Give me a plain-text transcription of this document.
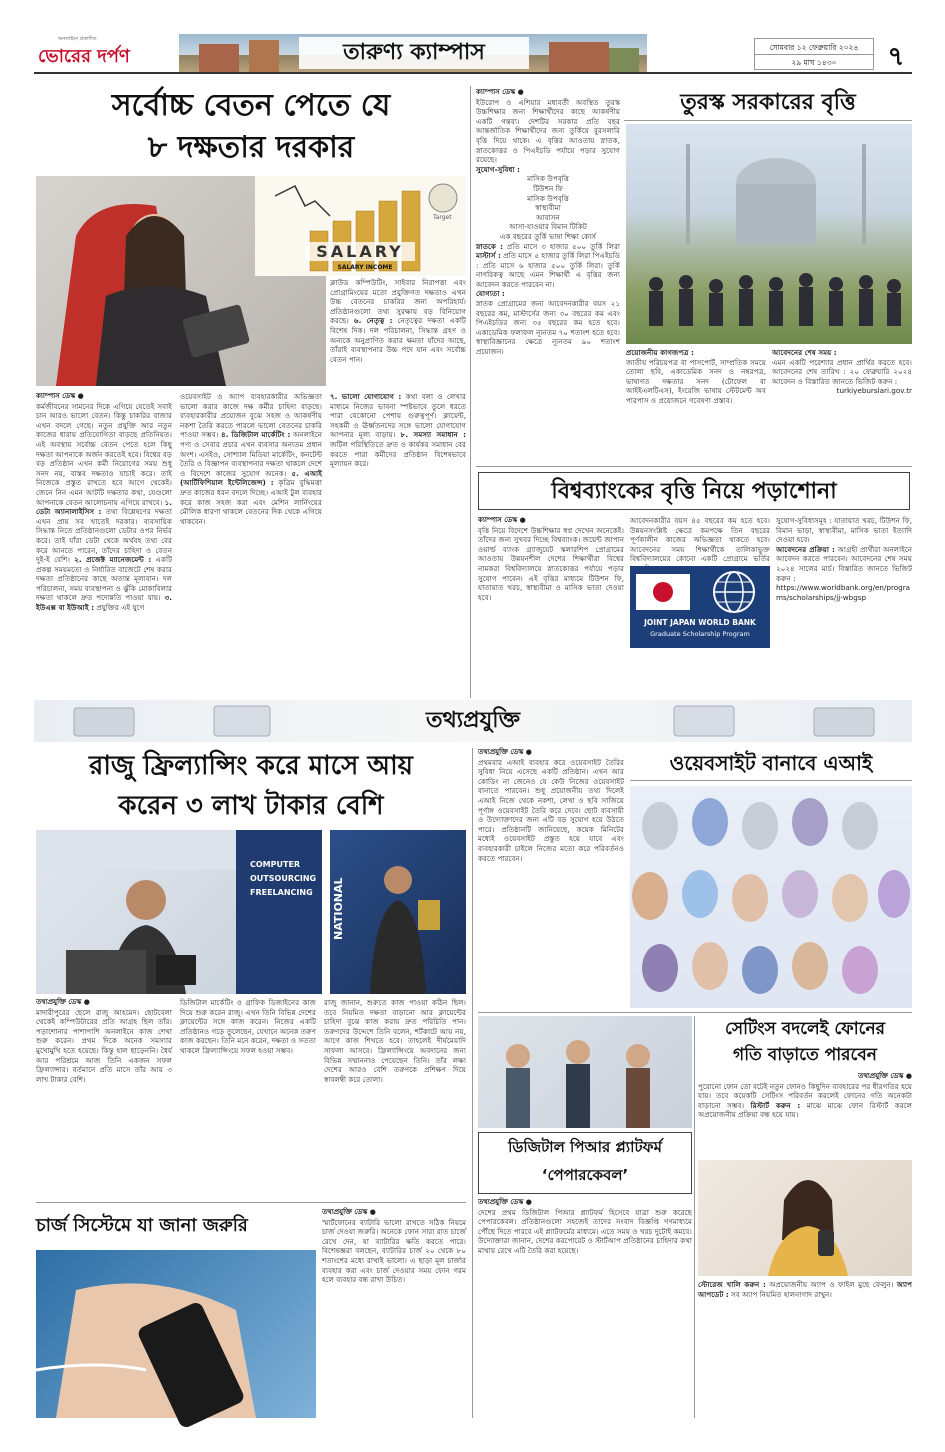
অনলাইনে প্রকাশিত
ভোরের দর্পণ	তারুণ্য ক্যাম্পাস	সোমবার ১২ ফেব্রুয়ারি ২০২৪
২৯ মাঘ ১৪৩০	৭
সর্বোচ্চ বেতন পেতে যে
৮ দক্ষতার দরকার
Target
SALARY
SALARY INCOME
ক্লাউড কম্পিউটিং, সাইবার নিরাপত্তা এবং প্রোগ্রামিংয়ের মতো প্রযুক্তিগত দক্ষতাও এখন উচ্চ বেতনের চাকরির জন্য অপরিহার্য। প্রতিষ্ঠানগুলো তথ্য সুরক্ষায় বড় বিনিয়োগ করছে। ৬. নেতৃত্ব : নেতৃত্বের দক্ষতা একটি বিশেষ দিক। দল পরিচালনা, সিদ্ধান্ত গ্রহণ ও অন্যকে অনুপ্রাণিত করার ক্ষমতা যাঁদের আছে, তাঁরাই ব্যবস্থাপনার উচ্চ পদে যান এবং সর্বোচ্চ বেতন পান।
ক্যাম্পাস ডেস্ক ●
কর্মজীবনের সামনের দিকে এগিয়ে যেতেই সবাই চান আরও ভালো বেতন। কিন্তু চাকরির বাজার এখন বদলে গেছে। নতুন প্রযুক্তি আর নতুন কাজের ধারায় প্রতিযোগিতা বাড়ছে প্রতিনিয়ত। এই অবস্থায় সর্বোচ্চ বেতন পেতে হলে কিছু দক্ষতা আপনাকে অর্জন করতেই হবে। বিশ্বের বড় বড় প্রতিষ্ঠান এখন কর্মী নিয়োগের সময় শুধু সনদ নয়, বাস্তব দক্ষতাও যাচাই করে। তাই নিজেকে প্রস্তুত রাখতে হবে আগে থেকেই। জেনে নিন এমন আটটি দক্ষতার কথা, যেগুলো আপনাকে বেতন আলোচনায় এগিয়ে রাখবে। ১. ডেটা অ্যানালাইসিস : তথ্য বিশ্লেষণের দক্ষতা এখন প্রায় সব খাতেই দরকার। ব্যবসায়িক সিদ্ধান্ত নিতে প্রতিষ্ঠানগুলো ডেটার ওপর নির্ভর করে। তাই যাঁরা ডেটা থেকে অর্থবহ তথ্য বের করে আনতে পারেন, তাঁদের চাহিদা ও বেতন দুই-ই বেশি। ২. প্রজেক্ট ম্যানেজমেন্ট : একটি প্রকল্প সময়মতো ও নির্ধারিত বাজেটে শেষ করার দক্ষতা প্রতিষ্ঠানের কাছে অত্যন্ত মূল্যবান। দল পরিচালনা, সময় ব্যবস্থাপনা ও ঝুঁকি মোকাবিলার দক্ষতা থাকলে দ্রুত পদোন্নতি পাওয়া যায়। ৩. ইউএক্স বা ইউআই : প্রযুক্তির এই যুগে
ওয়েবসাইট ও অ্যাপ ব্যবহারকারীর অভিজ্ঞতা ভালো করার কাজে দক্ষ কর্মীর চাহিদা বাড়ছে। ব্যবহারকারীর প্রয়োজন বুঝে সহজ ও আকর্ষণীয় নকশা তৈরি করতে পারলে ভালো বেতনের চাকরি পাওয়া সম্ভব। ৪. ডিজিটাল মার্কেটিং : অনলাইনে পণ্য ও সেবার প্রচার এখন ব্যবসার অন্যতম প্রধান অংশ। এসইও, সোশ্যাল মিডিয়া মার্কেটিং, কনটেন্ট তৈরি ও বিজ্ঞাপন ব্যবস্থাপনার দক্ষতা থাকলে দেশে ও বিদেশে কাজের সুযোগ অনেক। ৫. এআই (আর্টিফিশিয়াল ইন্টেলিজেন্স) : কৃত্রিম বুদ্ধিমত্তা দ্রুত কাজের ধরন বদলে দিচ্ছে। এআই টুল ব্যবহার করে কাজ সহজ করা এবং মেশিন লার্নিংয়ের মৌলিক ধারণা থাকলে বেতনের দিক থেকে এগিয়ে থাকবেন।
৭. ভালো যোগাযোগ : কথা বলা ও লেখার মাধ্যমে নিজের ভাবনা স্পষ্টভাবে তুলে ধরতে পারা যেকোনো পেশায় গুরুত্বপূর্ণ। ক্লায়েন্ট, সহকর্মী ও ঊর্ধ্বতনদের সঙ্গে ভালো যোগাযোগ আপনার মূল্য বাড়ায়। ৮. সমস্যা সমাধান : জটিল পরিস্থিতিতে দ্রুত ও কার্যকর সমাধান বের করতে পারা কর্মীদের প্রতিষ্ঠান বিশেষভাবে মূল্যায়ন করে।
ক্যাম্পাস ডেস্ক ●
ইউরোপ ও এশিয়ার মধ্যবর্তী অবস্থিত তুরস্ক উচ্চশিক্ষার জন্য শিক্ষার্থীদের কাছে আকর্ষণীয় একটি গন্তব্য। দেশটির সরকার প্রতি বছর আন্তর্জাতিক শিক্ষার্থীদের জন্য তুর্কিয়ে বুরসলারি বৃত্তি দিয়ে থাকে। এ বৃত্তির আওতায় স্নাতক, স্নাতকোত্তর ও পিএইচডি পর্যায়ে পড়ার সুযোগ রয়েছে।
সুযোগ-সুবিধা :
মাসিক উপবৃত্তি
টিউশন ফি
মাসিক উপবৃত্তি
স্বাস্থ্যবীমা
আবাসন
আসা-যাওয়ার বিমান টিকিট
এক বছরের তুর্কি ভাষা শিক্ষা কোর্স
স্নাতকে : প্রতি মাসে ৩ হাজার ৫০০ তুর্কি লিরা মাস্টার্স : প্রতি মাসে ৫ হাজার তুর্কি লিরা পিএইচডি : প্রতি মাসে ৬ হাজার ৫০০ তুর্কি লিরা। তুর্কি নাগরিকত্ব আছে এমন শিক্ষার্থী এ বৃত্তির জন্য আবেদন করতে পারবেন না।
যোগ্যতা :
স্নাতক প্রোগ্রামের জন্য আবেদনকারীর বয়স ২১ বছরের কম, মাস্টার্সের জন্য ৩০ বছরের কম এবং পিএইচডির জন্য ৩৫ বছরের কম হতে হবে। একাডেমিক ফলাফল ন্যূনতম ৭০ শতাংশ হতে হবে। স্বাস্থ্যবিজ্ঞানের ক্ষেত্রে ন্যূনতম ৯০ শতাংশ প্রয়োজন।
তুরস্ক সরকারের বৃত্তি
প্রয়োজনীয় কাগজপত্র :
জাতীয় পরিচয়পত্র বা পাসপোর্ট, সাম্প্রতিক সময়ে তোলা ছবি, একাডেমিক সনদ ও নম্বরপত্র, ভাষাগত দক্ষতার সনদ (টোফেল বা আইইএলটিএস), ইংরেজি ভাষায় স্টেটমেন্ট অব পারপাস ও প্রয়োজনে গবেষণা প্রস্তাব।
আবেদনের শেষ সময় :
এমন একটি পরেশ্যার প্রধান প্রার্থির করতে হবে। আবেদনের শেষ তারিখ : ২০ ফেব্রুয়ারি ২০২৪ আবেদন ও বিস্তারিত জানতে ভিজিট করুন :
turkiyeburslari.gov.tr
বিশ্বব্যাংকের বৃত্তি নিয়ে পড়াশোনা
ক্যাম্পাস ডেস্ক ●
বৃত্তি নিয়ে বিদেশে উচ্চশিক্ষার স্বপ্ন দেখেন অনেকেই। তাঁদের জন্য সুখবর দিচ্ছে বিশ্বব্যাংক। জয়েন্ট জাপান ওয়ার্ল্ড ব্যাংক গ্র্যাজুয়েট স্কলারশিপ প্রোগ্রামের আওতায় উন্নয়নশীল দেশের শিক্ষার্থীরা বিশ্বের নামকরা বিশ্ববিদ্যালয়ে স্নাতকোত্তর পর্যায়ে পড়ার সুযোগ পাবেন। এই বৃত্তির মাধ্যমে টিউশন ফি, যাতায়াত খরচ, স্বাস্থ্যবীমা ও মাসিক ভাতা দেওয়া হবে।
আবেদনকারীর বয়স ৪৫ বছরের কম হতে হবে। উন্নয়নসংশ্লিষ্ট ক্ষেত্রে কমপক্ষে তিন বছরের পূর্ণকালীন কাজের অভিজ্ঞতা থাকতে হবে। আবেদনের সময় শিক্ষার্থীকে তালিকাভুক্ত বিশ্ববিদ্যালয়ের কোনো একটি প্রোগ্রামে ভর্তির
JOINT JAPAN WORLD BANK
Graduate Scholarship Program
সুযোগ-সুবিধাসমূহ : যাতায়াত খরচ, টিউশন ফি, বিমান ভাড়া, স্বাস্থ্যবীমা, মাসিক ভাতা ইত্যাদি দেওয়া হবে।
আবেদনের প্রক্রিয়া : আগ্রহী প্রার্থীরা অনলাইনে আবেদন করতে পারবেন। আবেদনের শেষ সময় ২০২৪ সালের মার্চ। বিস্তারিত জানতে ভিজিট করুন :
https://www.worldbank.org/en/programs/scholarships/jj-wbgsp
তথ্যপ্রযুক্তি
রাজু ফ্রিল্যান্সিং করে মাসে আয়
করেন ৩ লাখ টাকার বেশি
COMPUTER
OUTSOURCING
FREELANCING NATIONAL
তথ্যপ্রযুক্তি ডেস্ক ●
মাদারীপুরের ছেলে রাজু আহমেদ। ছোটবেলা থেকেই কম্পিউটারের প্রতি আগ্রহ ছিল তাঁর। পড়াশোনার পাশাপাশি অনলাইনে কাজ শেখা শুরু করেন। প্রথম দিকে অনেক সমস্যার মুখোমুখি হতে হয়েছে। কিন্তু হাল ছাড়েননি। ধৈর্য আর পরিশ্রমে আজ তিনি একজন সফল ফ্রিল্যান্সার। বর্তমানে প্রতি মাসে তাঁর আয় ৩ লাখ টাকার বেশি।
ডিজিটাল মার্কেটিং ও গ্রাফিক ডিজাইনের কাজ দিয়ে শুরু করেন রাজু। এখন তিনি বিভিন্ন দেশের ক্লায়েন্টের সঙ্গে কাজ করেন। নিজের একটি প্রতিষ্ঠানও গড়ে তুলেছেন, যেখানে অনেক তরুণ কাজ করছেন। তিনি মনে করেন, দক্ষতা ও সততা থাকলে ফ্রিল্যান্সিংয়ে সফল হওয়া সম্ভব।
রাজু জানান, শুরুতে কাজ পাওয়া কঠিন ছিল। তবে নিয়মিত দক্ষতা বাড়ানো আর ক্লায়েন্টের চাহিদা বুঝে কাজ করায় দ্রুত পরিচিতি পান। তরুণদের উদ্দেশে তিনি বলেন, শর্টকাটে আয় নয়, আগে কাজ শিখতে হবে। তাহলেই দীর্ঘমেয়াদি সাফল্য আসবে। ফ্রিল্যান্সিংয়ে অবদানের জন্য বিভিন্ন সম্মাননাও পেয়েছেন তিনি। তাঁর লক্ষ্য দেশের আরও বেশি তরুণকে প্রশিক্ষণ দিয়ে স্বাবলম্বী করে তোলা।
তথ্যপ্রযুক্তি ডেস্ক ●
প্রথমবার এআই ব্যবহার করে ওয়েবসাইট তৈরির সুবিধা নিয়ে এসেছে একটি প্রতিষ্ঠান। এখন আর কোডিং না জেনেও যে কেউ নিজের ওয়েবসাইট বানাতে পারবেন। শুধু প্রয়োজনীয় তথ্য দিলেই এআই নিজে থেকে নকশা, লেখা ও ছবি সাজিয়ে পূর্ণাঙ্গ ওয়েবসাইট তৈরি করে দেবে। ছোট ব্যবসায়ী ও উদ্যোক্তাদের জন্য এটি বড় সুযোগ হয়ে উঠতে পারে। প্রতিষ্ঠানটি জানিয়েছে, কয়েক মিনিটের মধ্যেই ওয়েবসাইট প্রস্তুত হয়ে যাবে এবং ব্যবহারকারী চাইলে নিজের মতো করে পরিবর্তনও করতে পারবেন।
ওয়েবসাইট বানাবে এআই
সেটিংস বদলেই ফোনের
গতি বাড়াতে পারবেন
তথ্যপ্রযুক্তি ডেস্ক ●
পুরোনো ফোন তো বটেই নতুন ফোনও কিছুদিন ব্যবহারের পর ধীরগতির হয়ে যায়। তবে কয়েকটি সেটিংস পরিবর্তন করলেই ফোনের গতি অনেকটা বাড়ানো সম্ভব। রিস্টার্ট করুন : মাঝে মাঝে ফোন রিস্টার্ট করলে অপ্রয়োজনীয় প্রক্রিয়া বন্ধ হয়ে যায়।
স্টোরেজ খালি করুন : অপ্রয়োজনীয় অ্যাপ ও ফাইল মুছে ফেলুন। অ্যাপ আপডেট : সব অ্যাপ নিয়মিত হালনাগাদ রাখুন।
ডিজিটাল পিআর প্ল্যাটফর্ম
‘পেপারকেবল’
তথ্যপ্রযুক্তি ডেস্ক ●
দেশের প্রথম ডিজিটাল পিআর প্ল্যাটফর্ম হিসেবে যাত্রা শুরু করেছে পেপারকেবল। প্রতিষ্ঠানগুলো সহজেই তাদের সংবাদ বিজ্ঞপ্তি গণমাধ্যমে পৌঁছে দিতে পারবে এই প্ল্যাটফর্মের মাধ্যমে। এতে সময় ও খরচ দুটোই কমবে। উদ্যোক্তারা জানান, দেশের করপোরেট ও স্টার্টআপ প্রতিষ্ঠানের চাহিদার কথা মাথায় রেখে এটি তৈরি করা হয়েছে।
চার্জ সিস্টেমে যা জানা জরুরি
তথ্যপ্রযুক্তি ডেস্ক ●
স্মার্টফোনের ব্যাটারি ভালো রাখতে সঠিক নিয়মে চার্জ দেওয়া জরুরি। অনেকে ফোন সারা রাত চার্জে রেখে দেন, যা ব্যাটারির ক্ষতি করতে পারে। বিশেষজ্ঞরা বলছেন, ব্যাটারির চার্জ ২০ থেকে ৮০ শতাংশের মধ্যে রাখাই ভালো। এ ছাড়া মূল চার্জার ব্যবহার করা এবং চার্জ দেওয়ার সময় ফোন গরম হলে ব্যবহার বন্ধ রাখা উচিত।
